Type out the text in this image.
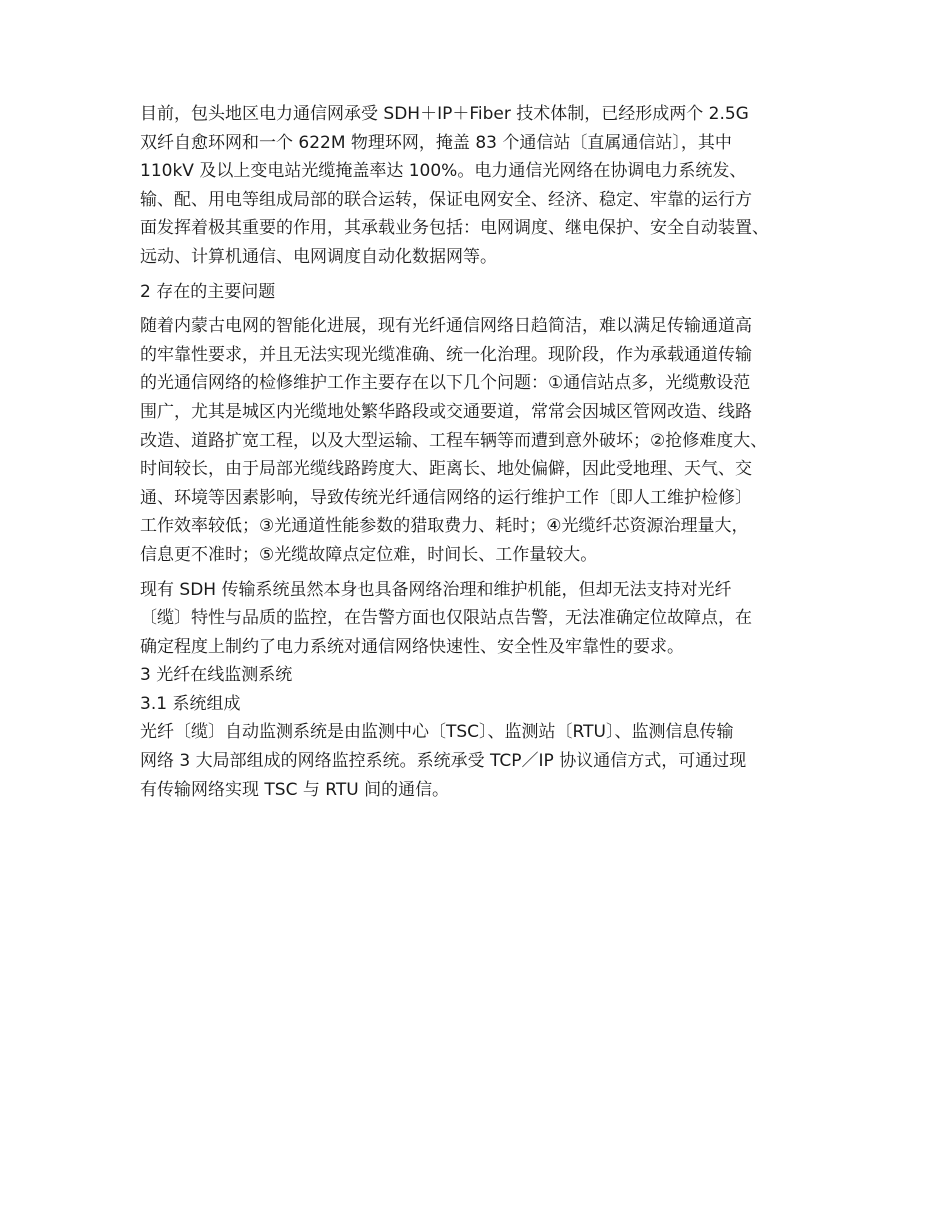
目前，包头地区电力通信网承受 SDH＋IP＋Fiber 技术体制，已经形成两个 2.5G
双纤自愈环网和一个 622M 物理环网，掩盖 83 个通信站〔直属通信站〕，其中
110kV 及以上变电站光缆掩盖率达 100%。电力通信光网络在协调电力系统发、
输、配、用电等组成局部的联合运转，保证电网安全、经济、稳定、牢靠的运行方
面发挥着极其重要的作用，其承载业务包括：电网调度、继电保护、安全自动装置、
远动、计算机通信、电网调度自动化数据网等。
2 存在的主要问题
随着内蒙古电网的智能化进展，现有光纤通信网络日趋简洁，难以满足传输通道高
的牢靠性要求，并且无法实现光缆准确、统一化治理。现阶段，作为承载通道传输
的光通信网络的检修维护工作主要存在以下几个问题：①通信站点多，光缆敷设范
围广，尤其是城区内光缆地处繁华路段或交通要道，常常会因城区管网改造、线路
改造、道路扩宽工程，以及大型运输、工程车辆等而遭到意外破坏；②抢修难度大、
时间较长，由于局部光缆线路跨度大、距离长、地处偏僻，因此受地理、天气、交
通、环境等因素影响，导致传统光纤通信网络的运行维护工作〔即人工维护检修〕
工作效率较低；③光通道性能参数的猎取费力、耗时；④光缆纤芯资源治理量大，
信息更不准时；⑤光缆故障点定位难，时间长、工作量较大。
现有 SDH 传输系统虽然本身也具备网络治理和维护机能，但却无法支持对光纤
〔缆〕特性与品质的监控，在告警方面也仅限站点告警，无法准确定位故障点，在
确定程度上制约了电力系统对通信网络快速性、安全性及牢靠性的要求。
3 光纤在线监测系统
3.1 系统组成
光纤〔缆〕自动监测系统是由监测中心〔TSC〕、监测站〔RTU〕、监测信息传输
网络 3 大局部组成的网络监控系统。系统承受 TCP／IP 协议通信方式，可通过现
有传输网络实现 TSC 与 RTU 间的通信。
